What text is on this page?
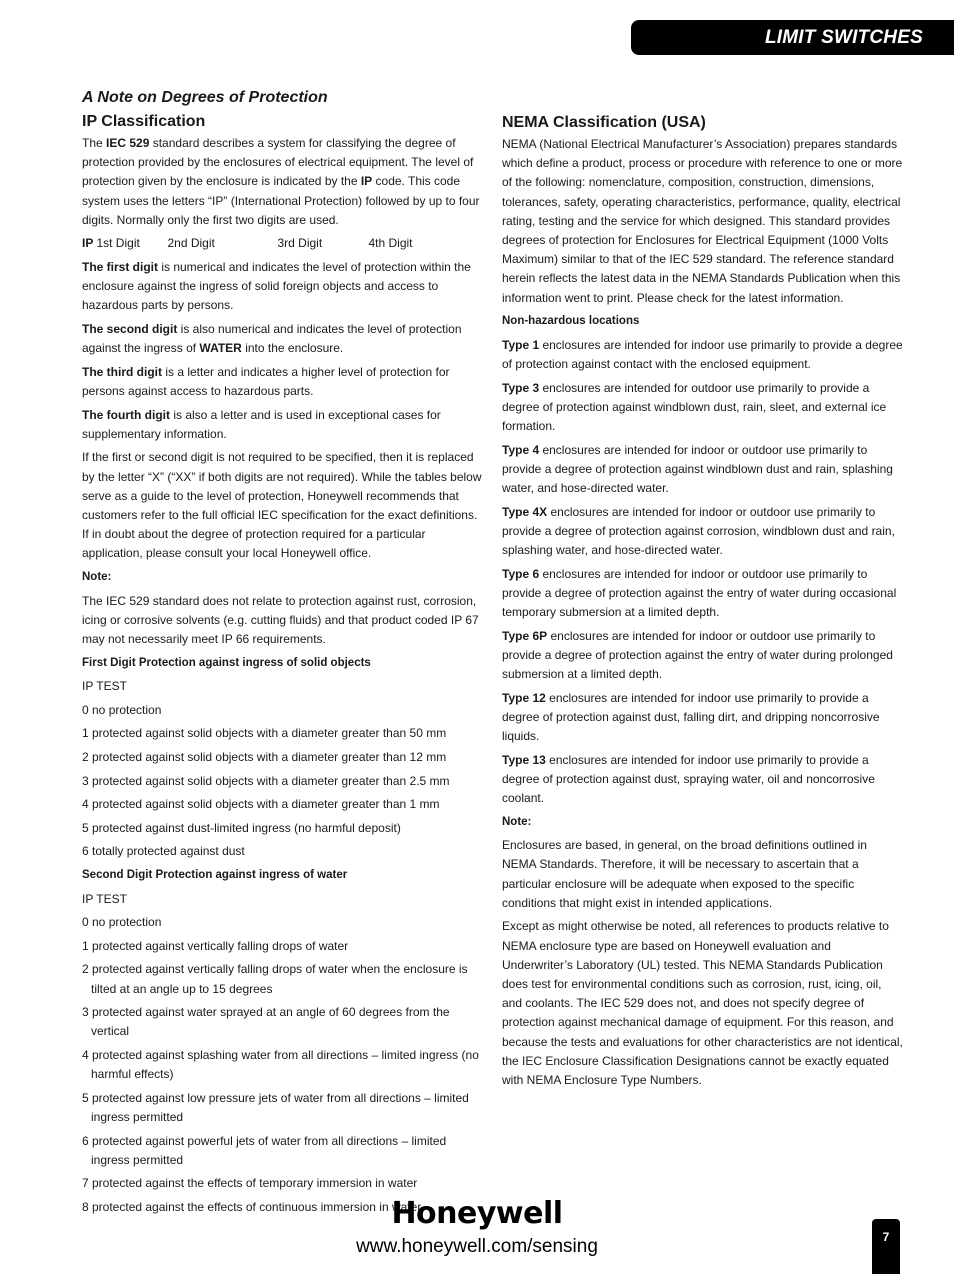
LIMIT SWITCHES
A Note on Degrees of Protection
IP Classification

The IEC 529 standard describes a system for classifying the degree of protection provided by the enclosures of electrical equipment. The level of protection given by the enclosure is indicated by the IP code. This code system uses the letters “IP” (International Protection) followed by up to four digits. Normally only the first two digits are used.

IP 1st Digit 2nd Digit	3rd Digit	4th Digit

The first digit is numerical and indicates the level of protection within the enclosure against the ingress of solid foreign objects and access to hazardous parts by persons.

The second digit is also numerical and indicates the level of protection against the ingress of WATER into the enclosure.

The third digit is a letter and indicates a higher level of protection for persons against access to hazardous parts.

The fourth digit is also a letter and is used in exceptional cases for supplementary information.

If the first or second digit is not required to be specified, then it is replaced by the letter “X” (“XX” if both digits are not required). While the tables below serve as a guide to the level of protection, Honeywell recommends that customers refer to the full official IEC specification for the exact definitions. If in doubt about the degree of protection required for a particular application, please consult your local Honeywell office.

Note:

The IEC 529 standard does not relate to protection against rust, corrosion, icing or corrosive solvents (e.g. cutting fluids) and that product coded IP 67 may not necessarily meet IP 66 requirements.

First Digit Protection against ingress of solid objects

IP TEST

0 no protection

1 protected against solid objects with a diameter greater than 50 mm

2 protected against solid objects with a diameter greater than 12 mm

3 protected against solid objects with a diameter greater than 2.5 mm

4 protected against solid objects with a diameter greater than 1 mm

5 protected against dust-limited ingress (no harmful deposit)

6 totally protected against dust

Second Digit Protection against ingress of water

IP TEST

0 no protection

1 protected against vertically falling drops of water

2 protected against vertically falling drops of water when the enclosure is tilted at an angle up to 15 degrees

3 protected against water sprayed at an angle of 60 degrees from the vertical

4 protected against splashing water from all directions – limited ingress (no harmful effects)

5 protected against low pressure jets of water from all directions – limited ingress permitted

6 protected against powerful jets of water from all directions – limited ingress permitted

7 protected against the effects of temporary immersion in water

8 protected against the effects of continuous immersion in water

NEMA Classification (USA)

NEMA (National Electrical Manufacturer’s Association) prepares standards which define a product, process or procedure with reference to one or more of the following: nomenclature, composition, construction, dimensions, tolerances, safety, operating characteristics, performance, quality, electrical rating, testing and the service for which designed. This standard provides degrees of protection for Enclosures for Electrical Equipment (1000 Volts Maximum) similar to that of the IEC 529 standard. The reference standard herein reflects the latest data in the NEMA Standards Publication when this information went to print. Please check for the latest information.

Non-hazardous locations

Type 1 enclosures are intended for indoor use primarily to provide a degree of protection against contact with the enclosed equipment.

Type 3 enclosures are intended for outdoor use primarily to provide a degree of protection against windblown dust, rain, sleet, and external ice formation.

Type 4 enclosures are intended for indoor or outdoor use primarily to provide a degree of protection against windblown dust and rain, splashing water, and hose-directed water.

Type 4X enclosures are intended for indoor or outdoor use primarily to provide a degree of protection against corrosion, windblown dust and rain, splashing water, and hose-directed water.

Type 6 enclosures are intended for indoor or outdoor use primarily to provide a degree of protection against the entry of water during occasional temporary submersion at a limited depth.

Type 6P enclosures are intended for indoor or outdoor use primarily to provide a degree of protection against the entry of water during prolonged submersion at a limited depth.

Type 12 enclosures are intended for indoor use primarily to provide a degree of protection against dust, falling dirt, and dripping noncorrosive liquids.

Type 13 enclosures are intended for indoor use primarily to provide a degree of protection against dust, spraying water, oil and noncorrosive coolant.

Note:

Enclosures are based, in general, on the broad definitions outlined in NEMA Standards. Therefore, it will be necessary to ascertain that a particular enclosure will be adequate when exposed to the specific conditions that might exist in intended applications.

Except as might otherwise be noted, all references to products relative to NEMA enclosure type are based on Honeywell evaluation and Underwriter’s Laboratory (UL) tested. This NEMA Standards Publication does test for environmental conditions such as corrosion, rust, icing, oil, and coolants. The IEC 529 does not, and does not specify degree of protection against mechanical damage of equipment. For this reason, and because the tests and evaluations for other characteristics are not identical, the IEC Enclosure Classification Designations cannot be exactly equated with NEMA Enclosure Type Numbers.

Honeywell
www.honeywell.com/sensing	7
